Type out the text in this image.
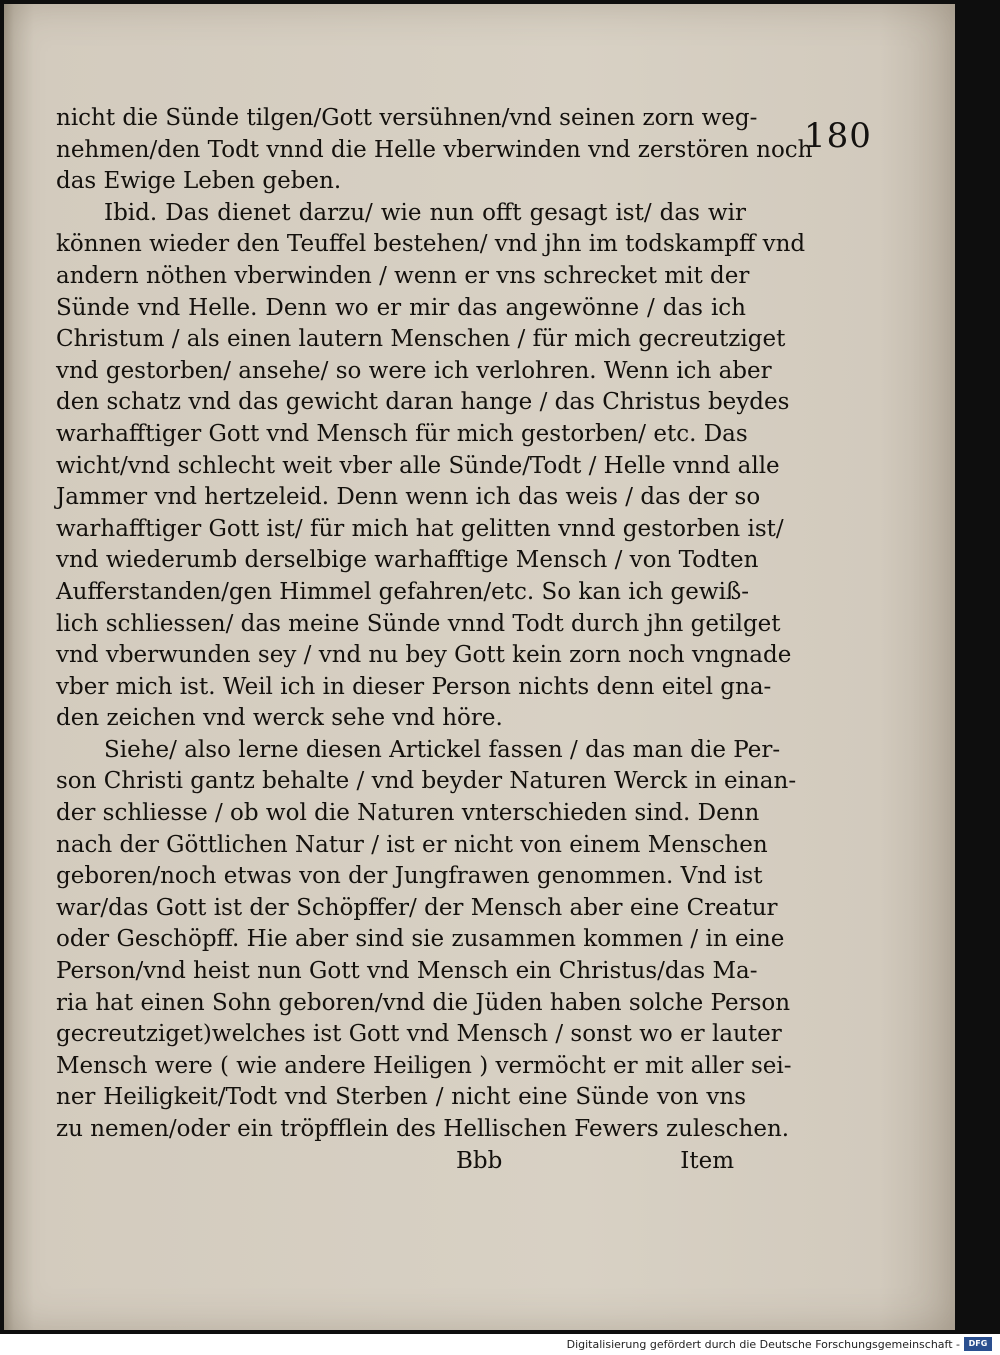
180
nicht die Sünde tilgen/Gott versühnen/vnd seinen zorn weg-
nehmen/den Todt vnnd die Helle vberwinden vnd zerstören noch
das Ewige Leben geben.
Ibid. Das dienet darzu/ wie nun offt gesagt ist/ das wir
können wieder den Teuffel bestehen/ vnd jhn im todskampff vnd
andern nöthen vberwinden / wenn er vns schrecket mit der
Sünde vnd Helle. Denn wo er mir das angewönne / das ich
Christum / als einen lautern Menschen / für mich gecreutziget
vnd gestorben/ ansehe/ so were ich verlohren. Wenn ich aber
den schatz vnd das gewicht daran hange / das Christus beydes
warhafftiger Gott vnd Mensch für mich gestorben/ etc. Das
wicht/vnd schlecht weit vber alle Sünde/Todt / Helle vnnd alle
Jammer vnd hertzeleid. Denn wenn ich das weis / das der so
warhafftiger Gott ist/ für mich hat gelitten vnnd gestorben ist/
vnd wiederumb derselbige warhafftige Mensch / von Todten
Aufferstanden/gen Himmel gefahren/etc. So kan ich gewiß-
lich schliessen/ das meine Sünde vnnd Todt durch jhn getilget
vnd vberwunden sey / vnd nu bey Gott kein zorn noch vngnade
vber mich ist. Weil ich in dieser Person nichts denn eitel gna-
den zeichen vnd werck sehe vnd höre.
Siehe/ also lerne diesen Artickel fassen / das man die Per-
son Christi gantz behalte / vnd beyder Naturen Werck in einan-
der schliesse / ob wol die Naturen vnterschieden sind. Denn
nach der Göttlichen Natur / ist er nicht von einem Menschen
geboren/noch etwas von der Jungfrawen genommen. Vnd ist
war/das Gott ist der Schöpffer/ der Mensch aber eine Creatur
oder Geschöpff. Hie aber sind sie zusammen kommen / in eine
Person/vnd heist nun Gott vnd Mensch ein Christus/das Ma-
ria hat einen Sohn geboren/vnd die Jüden haben solche Person
gecreutziget)welches ist Gott vnd Mensch / sonst wo er lauter
Mensch were ( wie andere Heiligen ) vermöcht er mit aller sei-
ner Heiligkeit/Todt vnd Sterben / nicht eine Sünde von vns
zu nemen/oder ein tröpfflein des Hellischen Fewers zuleschen.
Bbb	Item
Digitalisierung gefördert durch die Deutsche Forschungsgemeinschaft -	DFG
